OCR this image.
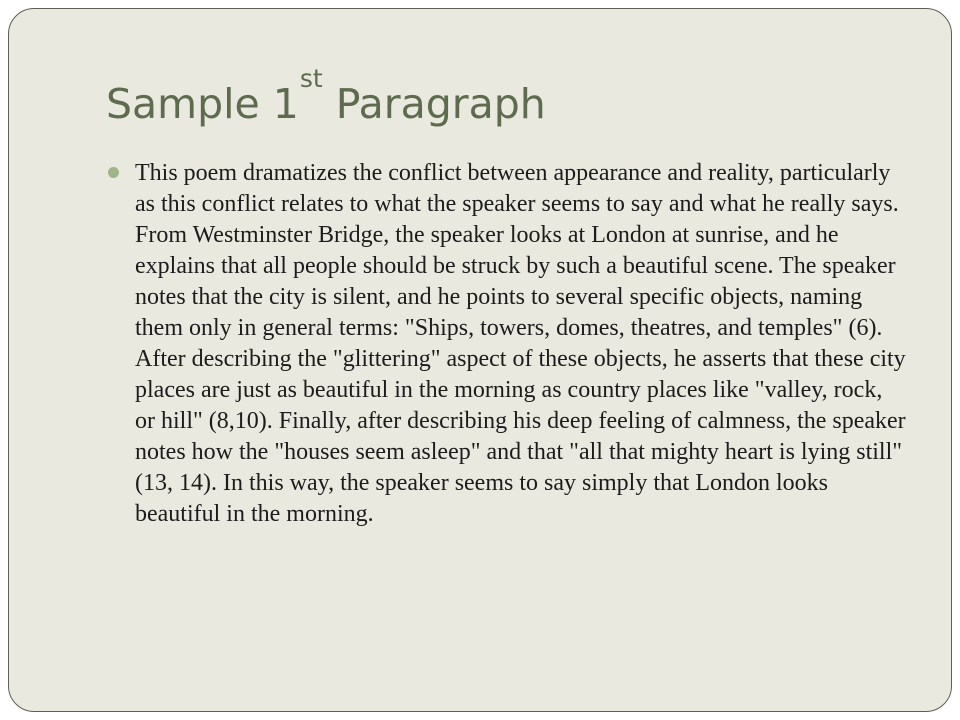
Sample 1st Paragraph
This poem dramatizes the conflict between appearance and reality, particularly as this conflict relates to what the speaker seems to say and what he really says. From Westminster Bridge, the speaker looks at London at sunrise, and he explains that all people should be struck by such a beautiful scene. The speaker notes that the city is silent, and he points to several specific objects, naming them only in general terms: "Ships, towers, domes, theatres, and temples" (6). After describing the "glittering" aspect of these objects, he asserts that these city places are just as beautiful in the morning as country places like "valley, rock, or hill" (8,10). Finally, after describing his deep feeling of calmness, the speaker notes how the "houses seem asleep" and that "all that mighty heart is lying still" (13, 14). In this way, the speaker seems to say simply that London looks beautiful in the morning.
